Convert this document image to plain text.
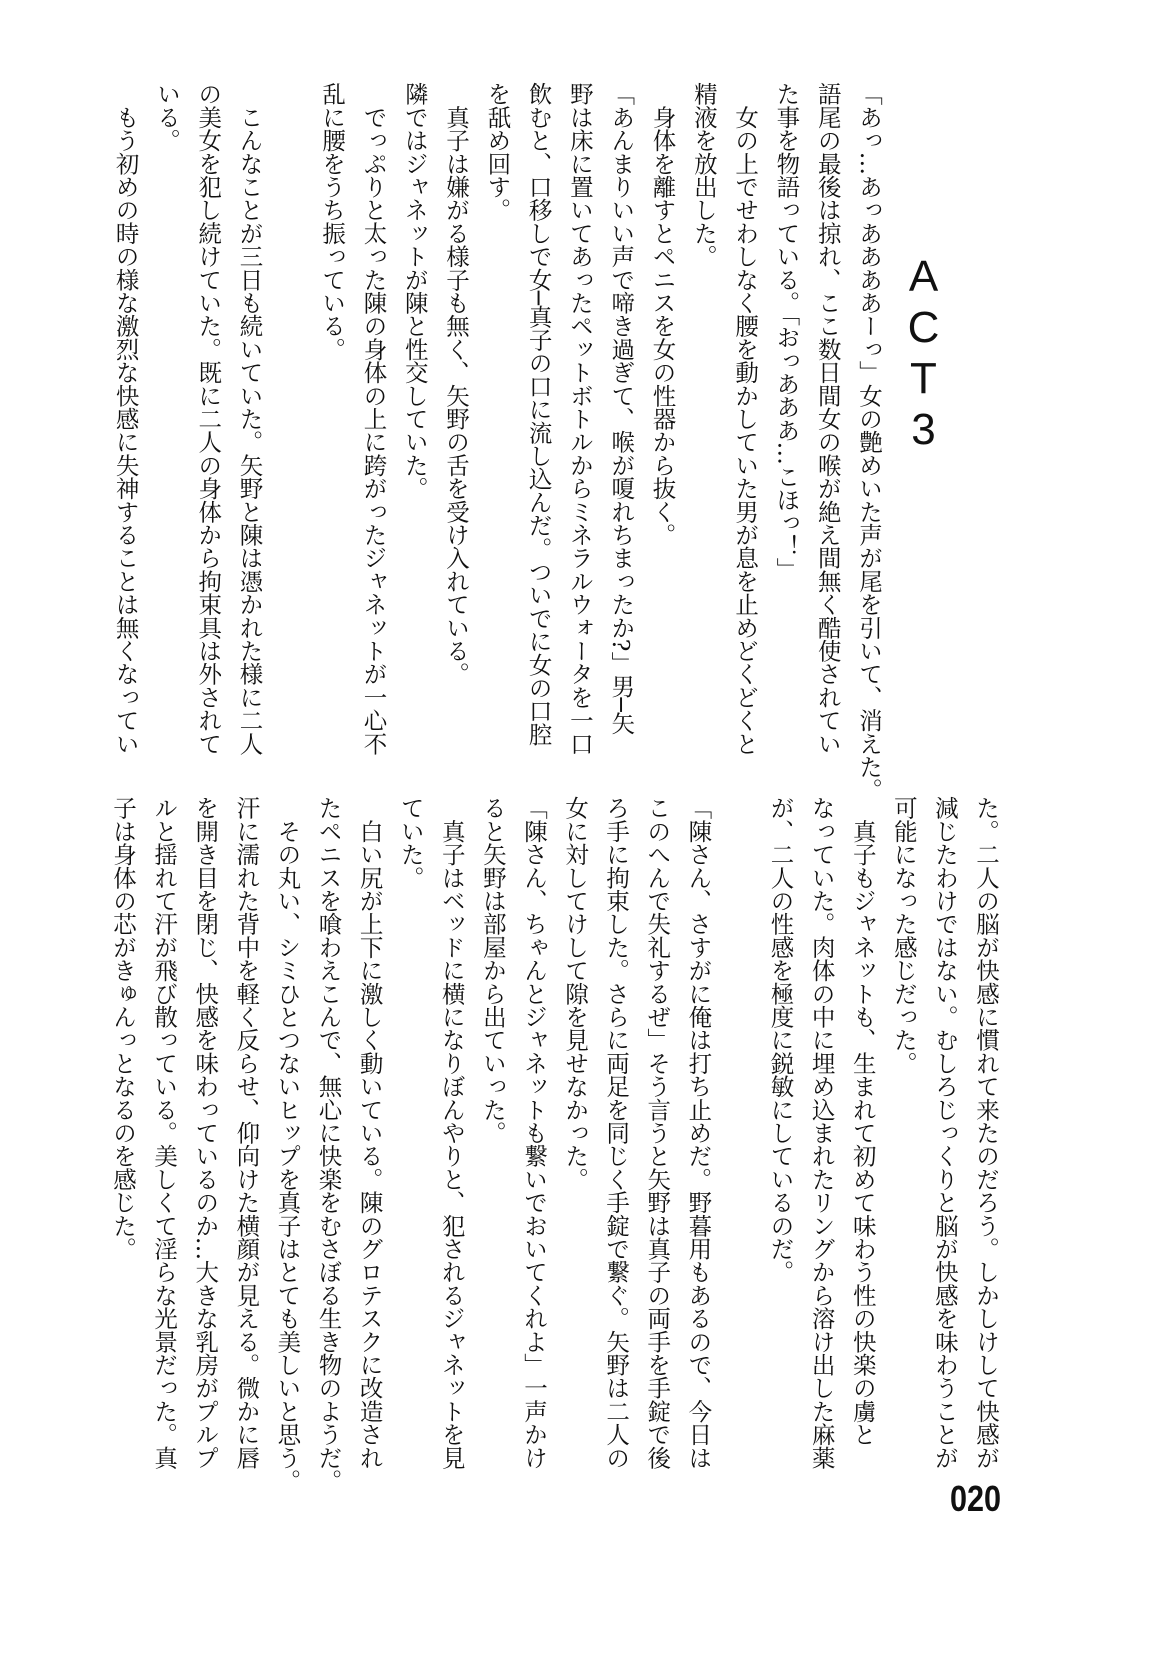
ACT3
「あっ…あっああああーっ」女の艶めいた声が尾を引いて、消えた。
語尾の最後は掠れ、ここ数日間女の喉が絶え間無く酷使されてい
た事を物語っている。「おっあああ…こほっ！」
　女の上でせわしなく腰を動かしていた男が息を止めどくどくと
精液を放出した。
　身体を離すとペニスを女の性器から抜く。
「あんまりいい声で啼き過ぎて、喉が嗄れちまったか?」男─矢
野は床に置いてあったペットボトルからミネラルウォータを一口
飲むと、口移しで女─真子の口に流し込んだ。ついでに女の口腔
を舐め回す。
　真子は嫌がる様子も無く、矢野の舌を受け入れている。
隣ではジャネットが陳と性交していた。
　でっぷりと太った陳の身体の上に跨がったジャネットが一心不
乱に腰をうち振っている。
　こんなことが三日も続いていた。矢野と陳は憑かれた様に二人
の美女を犯し続けていた。既に二人の身体から拘束具は外されて
いる。
　もう初めの時の様な激烈な快感に失神することは無くなってい
た。二人の脳が快感に慣れて来たのだろう。しかしけして快感が
減じたわけではない。むしろじっくりと脳が快感を味わうことが
可能になった感じだった。
　真子もジャネットも、生まれて初めて味わう性の快楽の虜と
なっていた。肉体の中に埋め込まれたリングから溶け出した麻薬
が、二人の性感を極度に鋭敏にしているのだ。
「陳さん、さすがに俺は打ち止めだ。野暮用もあるので、今日は
このへんで失礼するぜ」そう言うと矢野は真子の両手を手錠で後
ろ手に拘束した。さらに両足を同じく手錠で繋ぐ。矢野は二人の
女に対してけして隙を見せなかった。
「陳さん、ちゃんとジャネットも繋いでおいてくれよ」一声かけ
ると矢野は部屋から出ていった。
　真子はベッドに横になりぼんやりと、犯されるジャネットを見
ていた。
　白い尻が上下に激しく動いている。陳のグロテスクに改造され
たペニスを喰わえこんで、無心に快楽をむさぼる生き物のようだ。
　その丸い、シミひとつないヒップを真子はとても美しいと思う。
汗に濡れた背中を軽く反らせ、仰向けた横顔が見える。微かに唇
を開き目を閉じ、快感を味わっているのか…大きな乳房がプルプ
ルと揺れて汗が飛び散っている。美しくて淫らな光景だった。真
子は身体の芯がきゅんっとなるのを感じた。
020
